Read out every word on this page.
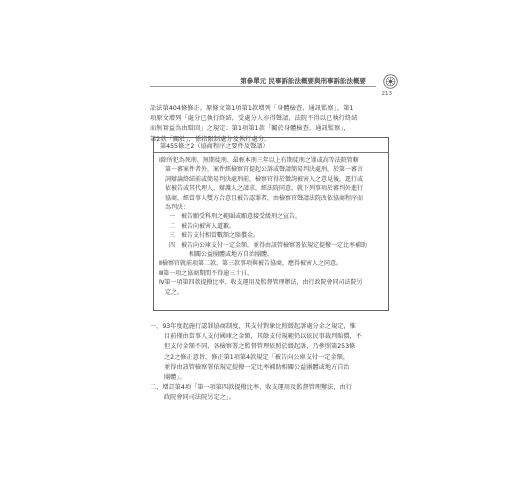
第參單元 民事訴訟法概要與刑事訴訟法概要
213
訟法第404條修正。原條文第1項第1款增列「身體檢查、通訊監察」，第1
項原文增列「處分已執行終結，受處分人亦得聲請，法院不得以已執行終結
而無實益為由駁回」之規定；第1項第1款「關於身體檢查、通訊監察」，
第2款「關於」，係指限制處分及執行處分。
第455條之2（協商程序之要件及聲請）
Ⅰ除所犯為死刑、無期徒刑、最輕本刑三年以上有期徒刑之罪或高等法院管轄
第一審案件者外，案件經檢察官提起公訴或聲請簡易判決處刑，於第一審言
詞辯論終結前或簡易判決處刑前，檢察官得於徵詢被害人之意見後，逕行或
依被告或其代理人、辯護人之請求，經法院同意，就下列事項於審判外進行
協商，經當事人雙方合意且被告認罪者，由檢察官聲請法院改依協商程序而
為判決：
一　被告願受科刑之範圍或願意接受緩刑之宣告。
二　被告向被害人道歉。
三　被告支付相當數額之賠償金。
四　被告向公庫支付一定金額，並得由該管檢察署依規定提撥一定比率補助
相關公益團體或地方自治團體。
Ⅱ檢察官就前項第二款、第三款事項與被告協商，應得被害人之同意。
Ⅲ第一項之協商期間不得逾三十日。
Ⅳ第一項第四款提撥比率、收支運用及監督管理辦法，由行政院會同司法院另
定之。
一、93年度起施行認罪協商制度，其支付對象比照緩起訴處分金之規定，惟
目前僅由當事人支付國庫之金額，其餘支付規範仍以依民事裁判賠償，不
但支付金額不同，各檢察署之監督管理依照於緩起訴，乃參照第253條
之2之修正意旨，修正第1項第4款規定「被告向公庫支付一定金額，
並得由該管檢察署依規定提撥一定比率補助相關公益團體或地方自治
團體」。
二、增訂第4項「第一項第四款提撥比率、收支運用及監督管理辦法，由行
政院會同司法院另定之」。
